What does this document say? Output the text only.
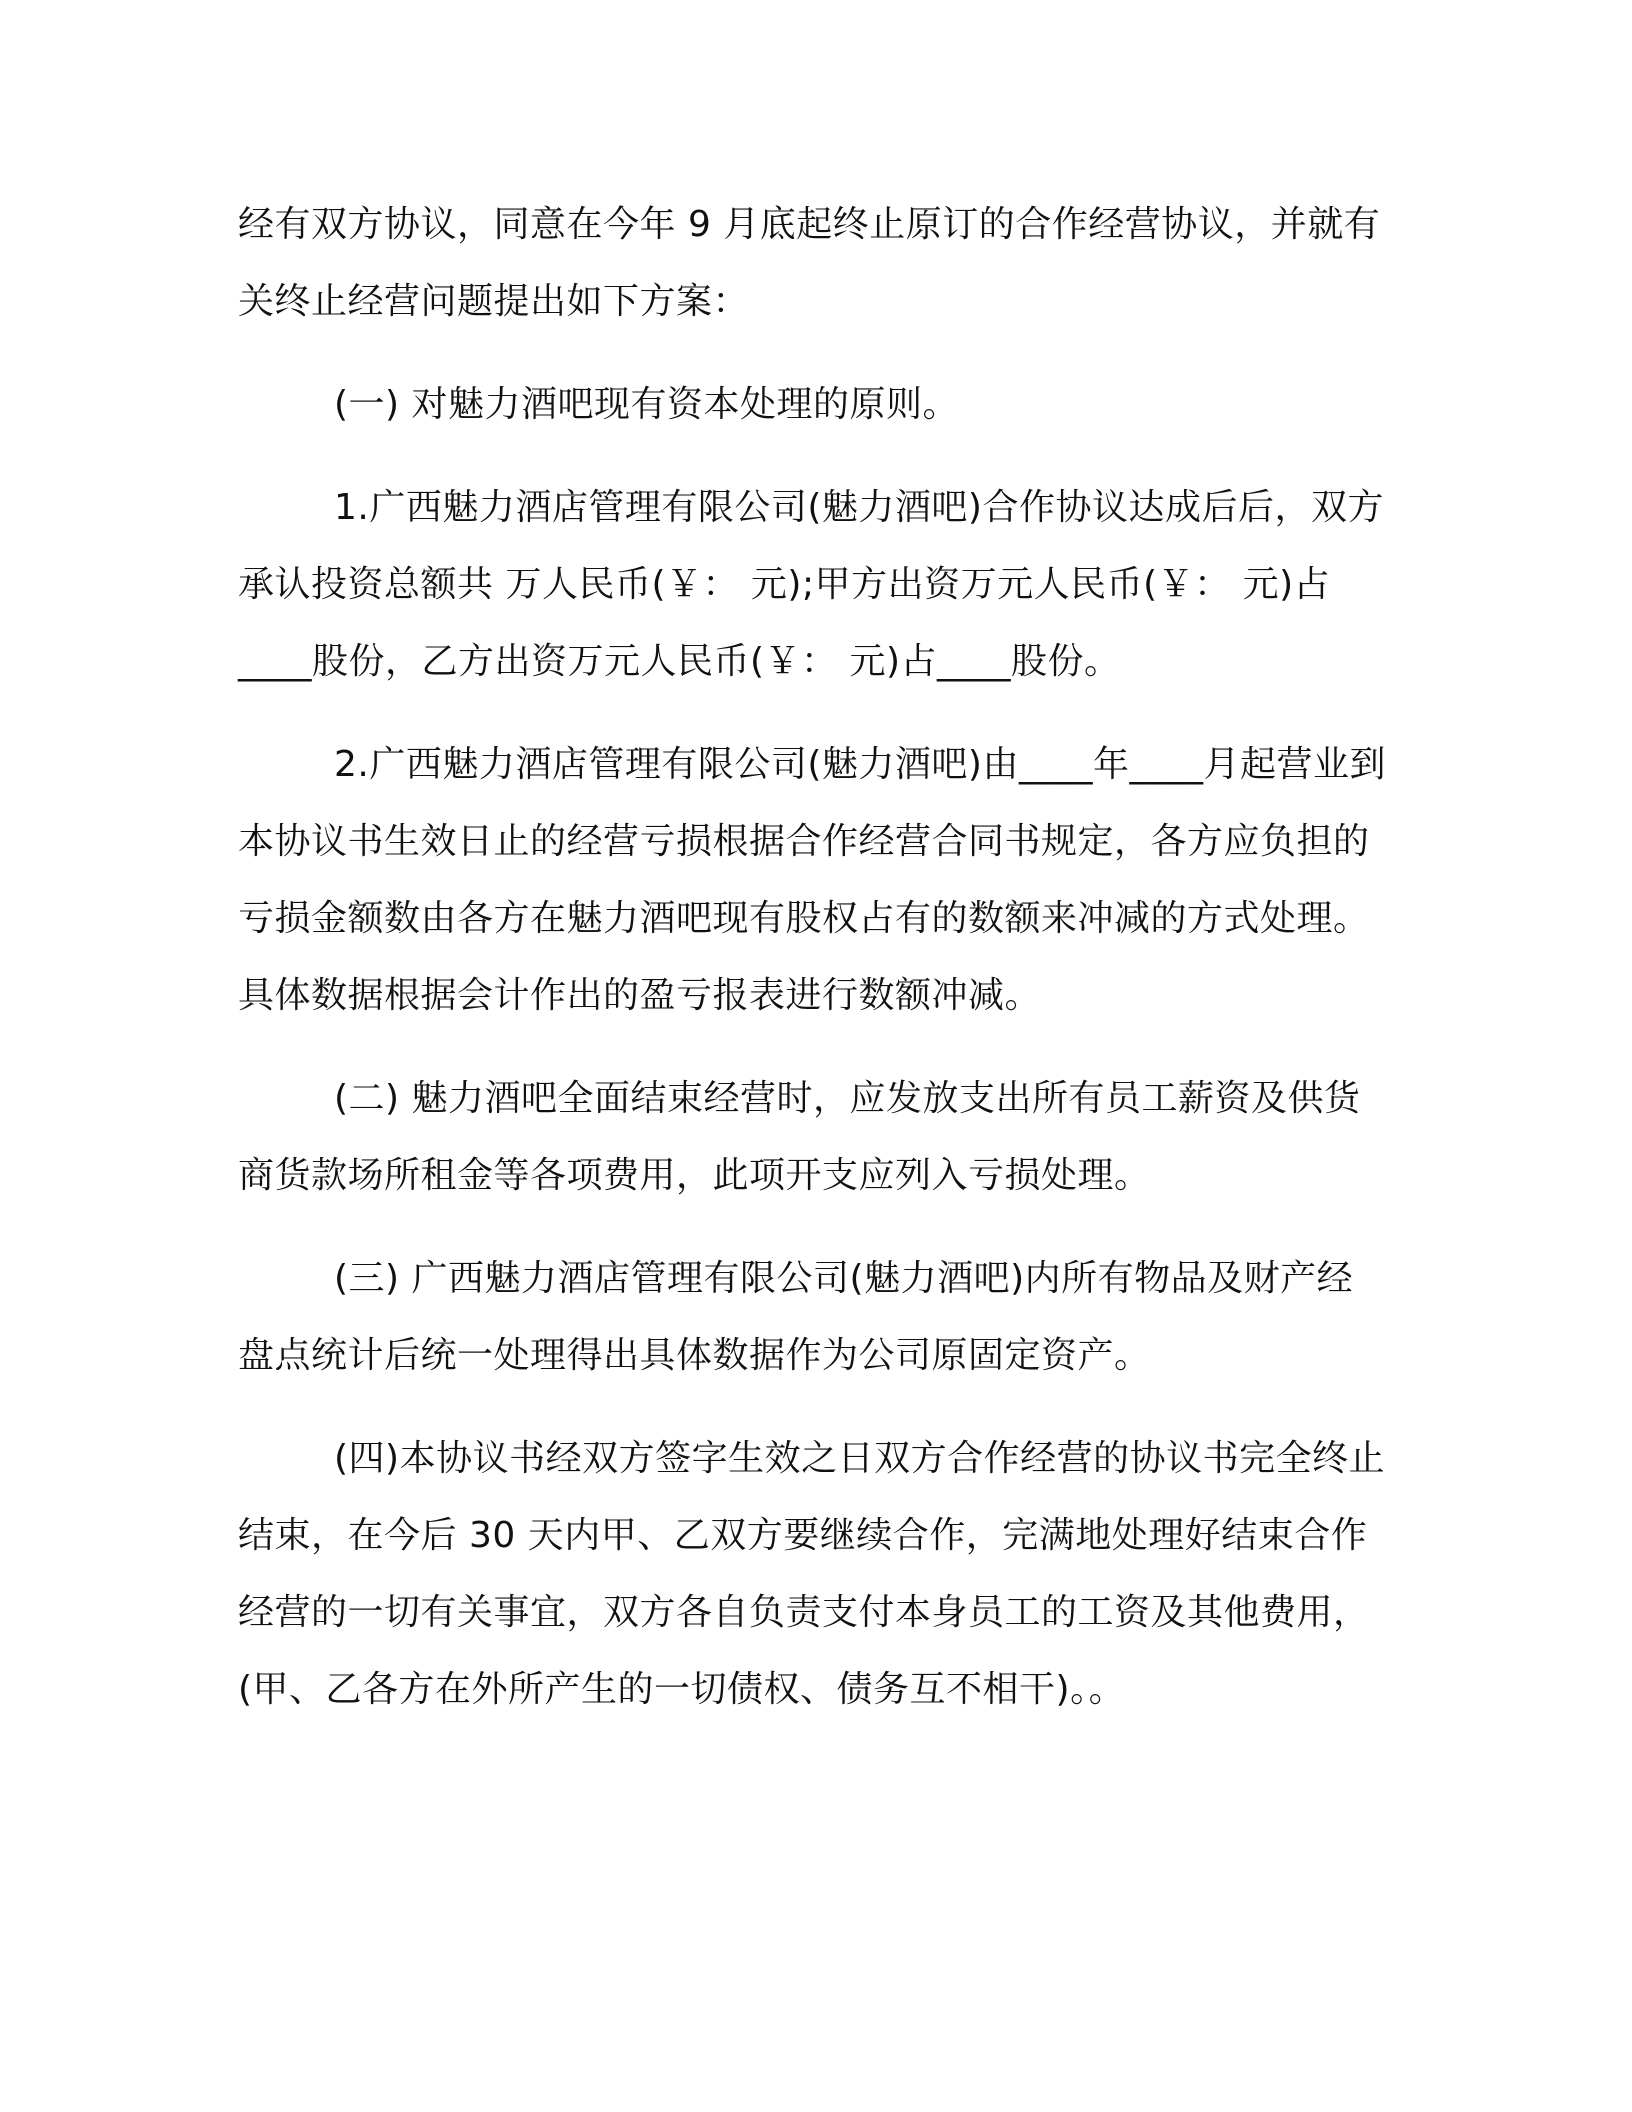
经有双方协议，同意在今年 9 月底起终止原订的合作经营协议，并就有关终止经营问题提出如下方案：

(一) 对魅力酒吧现有资本处理的原则。

1.广西魅力酒店管理有限公司(魅力酒吧)合作协议达成后后，双方承认投资总额共 万人民币(￥： 元);甲方出资万元人民币(￥： 元)占____股份，乙方出资万元人民币(￥： 元)占____股份。

2.广西魅力酒店管理有限公司(魅力酒吧)由____年____月起营业到本协议书生效日止的经营亏损根据合作经营合同书规定，各方应负担的亏损金额数由各方在魅力酒吧现有股权占有的数额来冲减的方式处理。具体数据根据会计作出的盈亏报表进行数额冲减。

(二) 魅力酒吧全面结束经营时，应发放支出所有员工薪资及供货商货款场所租金等各项费用，此项开支应列入亏损处理。

(三) 广西魅力酒店管理有限公司(魅力酒吧)内所有物品及财产经盘点统计后统一处理得出具体数据作为公司原固定资产。

(四)本协议书经双方签字生效之日双方合作经营的协议书完全终止结束，在今后 30 天内甲、乙双方要继续合作，完满地处理好结束合作经营的一切有关事宜，双方各自负责支付本身员工的工资及其他费用，(甲、乙各方在外所产生的一切债权、债务互不相干)。。
